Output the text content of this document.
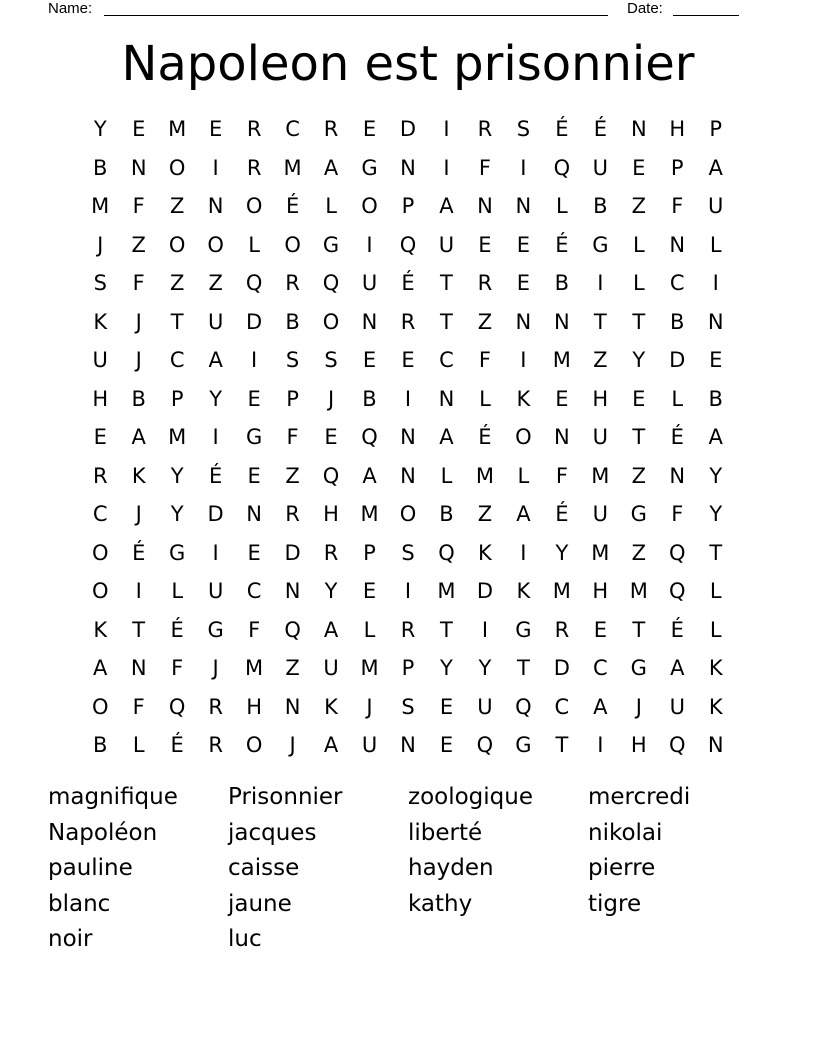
Name:	Date:
Napoleon est prisonnier
Y	E	M	E	R	C	R	E	D	I	R	S	É	É	N	H	P
B	N	O	I	R	M	A	G	N	I	F	I	Q	U	E	P	A
M	F	Z	N	O	É	L	O	P	A	N	N	L	B	Z	F	U
J	Z	O	O	L	O	G	I	Q	U	E	E	É	G	L	N	L
S	F	Z	Z	Q	R	Q	U	É	T	R	E	B	I	L	C	I
K	J	T	U	D	B	O	N	R	T	Z	N	N	T	T	B	N
U	J	C	A	I	S	S	E	E	C	F	I	M	Z	Y	D	E
H	B	P	Y	E	P	J	B	I	N	L	K	E	H	E	L	B
E	A	M	I	G	F	E	Q	N	A	É	O	N	U	T	É	A
R	K	Y	É	E	Z	Q	A	N	L	M	L	F	M	Z	N	Y
C	J	Y	D	N	R	H	M	O	B	Z	A	É	U	G	F	Y
O	É	G	I	E	D	R	P	S	Q	K	I	Y	M	Z	Q	T
O	I	L	U	C	N	Y	E	I	M	D	K	M	H	M	Q	L
K	T	É	G	F	Q	A	L	R	T	I	G	R	E	T	É	L
A	N	F	J	M	Z	U	M	P	Y	Y	T	D	C	G	A	K
O	F	Q	R	H	N	K	J	S	E	U	Q	C	A	J	U	K
B	L	É	R	O	J	A	U	N	E	Q	G	T	I	H	Q	N
magnifique	Prisonnier	zoologique	mercredi
Napoléon	jacques	liberté	nikolai
pauline	caisse	hayden	pierre
blanc	jaune	kathy	tigre
noir	luc
